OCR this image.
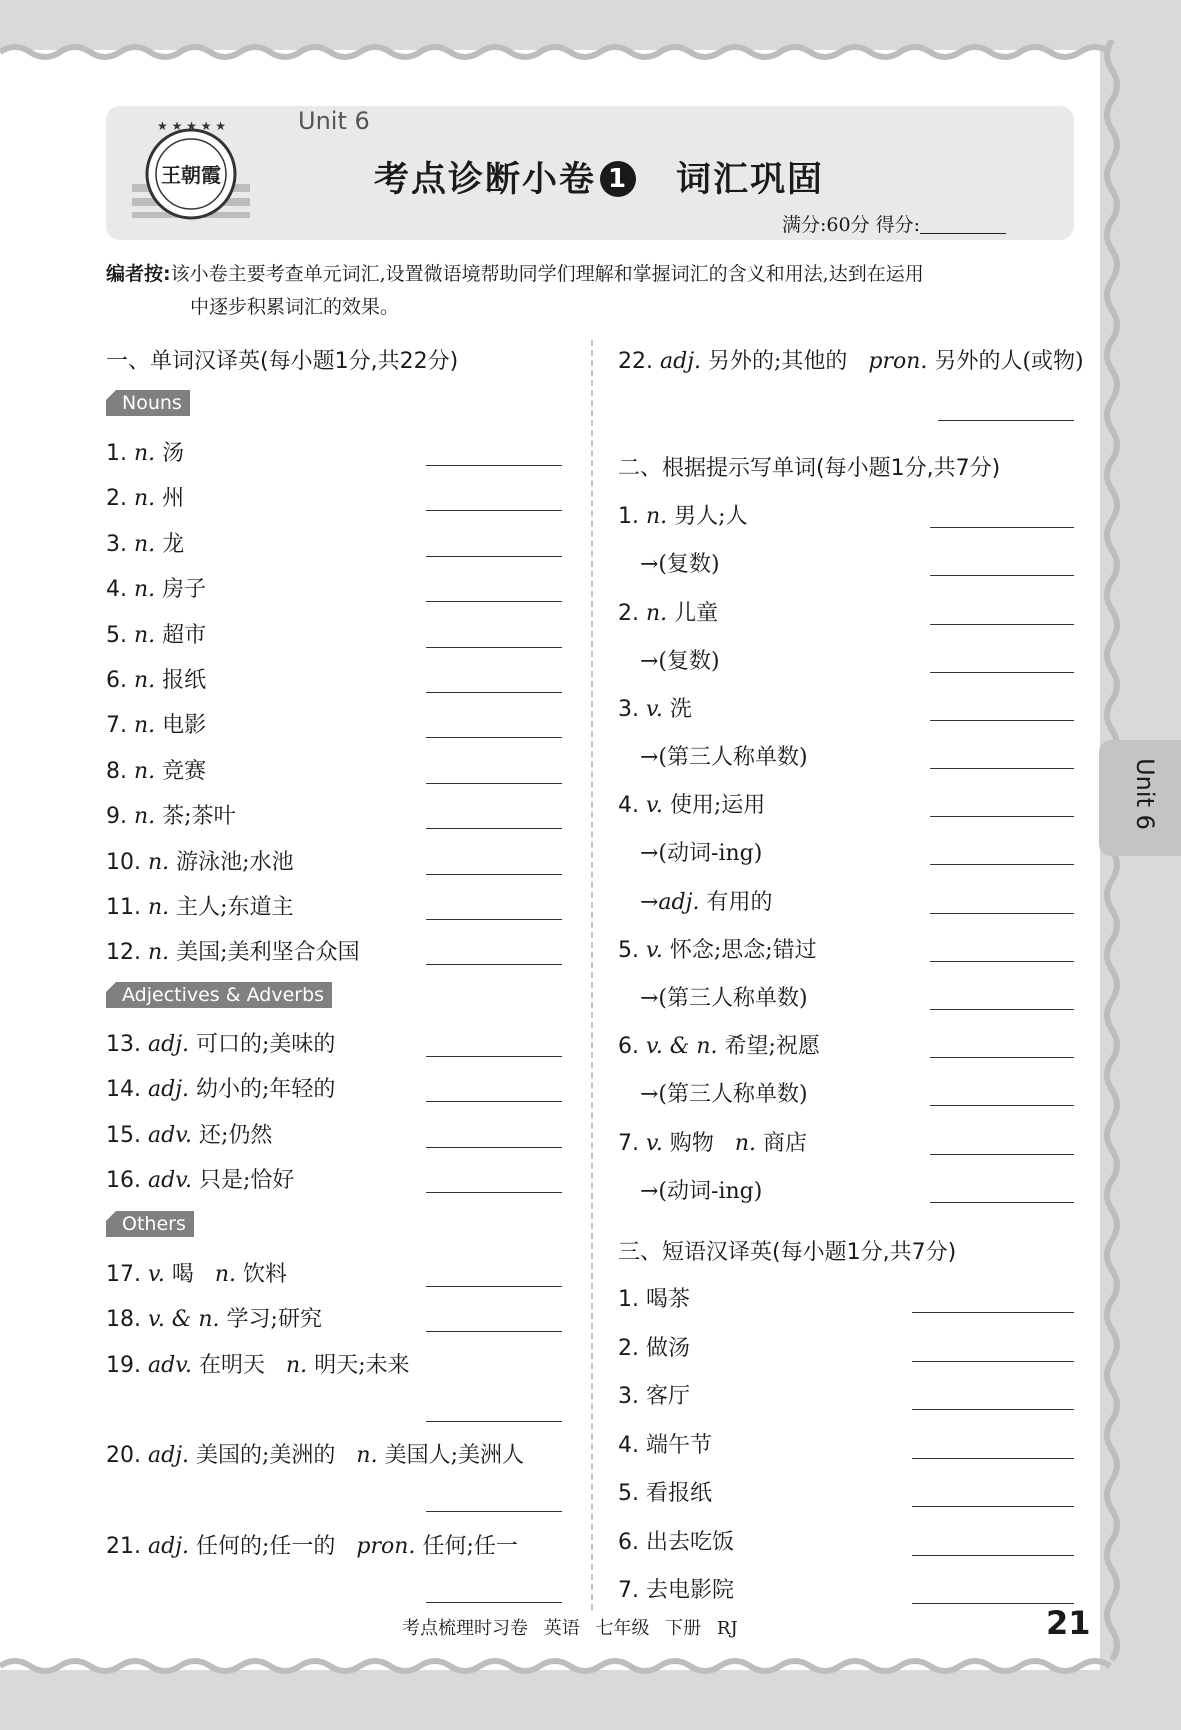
★ ★ ★ ★ ★
王朝霞
Unit 6
考点诊断小卷 1 词汇巩固
满分:60分 得分:
编者按:该小卷主要考查单元词汇,设置微语境帮助同学们理解和掌握词汇的含义和用法,达到在运用
中逐步积累词汇的效果。
一、单词汉译英(每小题1分,共22分)
Nouns
1. n. 汤
2. n. 州
3. n. 龙
4. n. 房子
5. n. 超市
6. n. 报纸
7. n. 电影
8. n. 竞赛
9. n. 茶;茶叶
10. n. 游泳池;水池
11. n. 主人;东道主
12. n. 美国;美利坚合众国
13. adj. 可口的;美味的
14. adj. 幼小的;年轻的
15. adv. 还;仍然
16. adv. 只是;恰好
17. v. 喝 n. 饮料
18. v. & n. 学习;研究
19. adv. 在明天 n. 明天;未来
20. adj. 美国的;美洲的 n. 美国人;美洲人
21. adj. 任何的;任一的 pron. 任何;任一
Adjectives & Adverbs
Others
22. adj. 另外的;其他的 pron. 另外的人(或物)
二、根据提示写单词(每小题1分,共7分)
1. n. 男人;人
→(复数)
2. n. 儿童
→(复数)
3. v. 洗
→(第三人称单数)
4. v. 使用;运用
→(动词-ing)
→adj. 有用的
5. v. 怀念;思念;错过
→(第三人称单数)
6. v. & n. 希望;祝愿
→(第三人称单数)
7. v. 购物 n. 商店
→(动词-ing)
三、短语汉译英(每小题1分,共7分)
1. 喝茶
2. 做汤
3. 客厅
4. 端午节
5. 看报纸
6. 出去吃饭
7. 去电影院
Unit 6
考点梳理时习卷 英语 七年级 下册 RJ	21
